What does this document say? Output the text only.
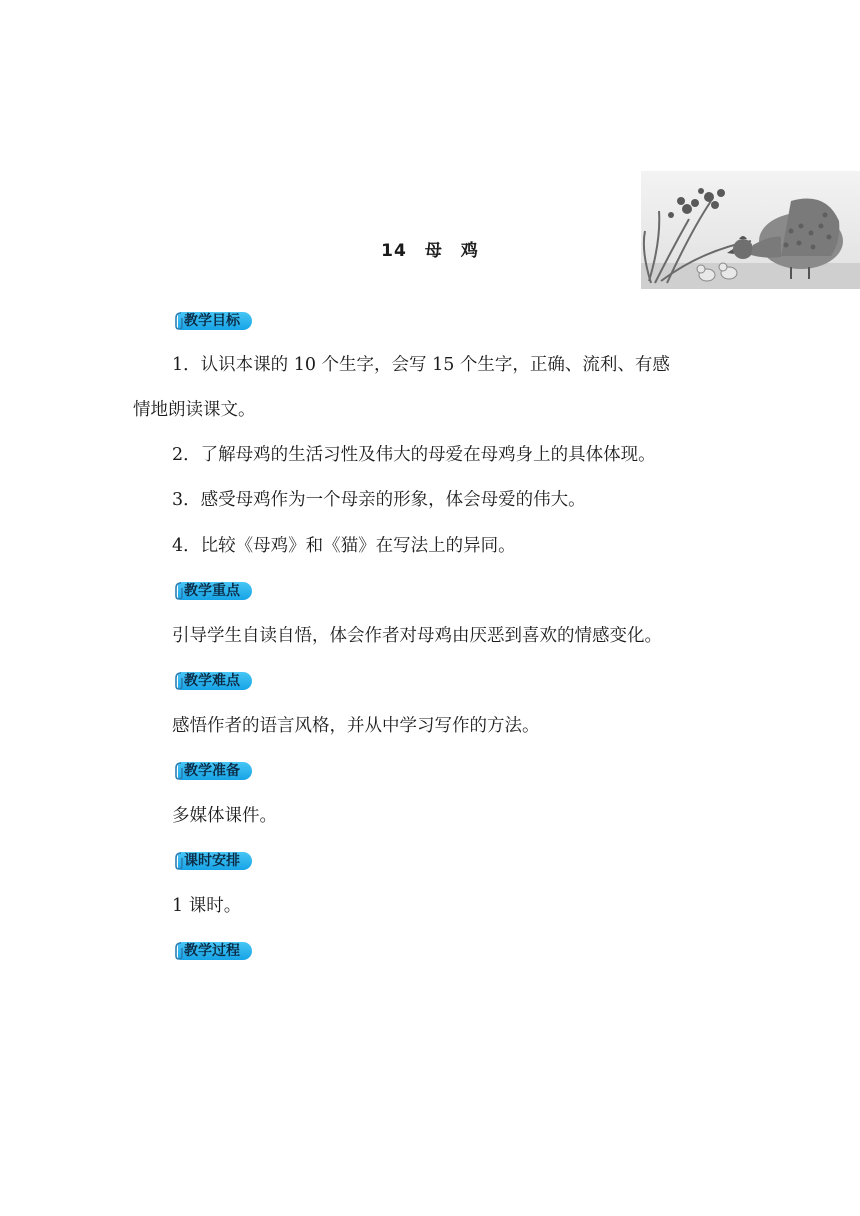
14　母　鸡
教学目标
1．认识本课的 10 个生字，会写 15 个生字，正确、流利、有感
情地朗读课文。
2．了解母鸡的生活习性及伟大的母爱在母鸡身上的具体体现。
3．感受母鸡作为一个母亲的形象，体会母爱的伟大。
4．比较《母鸡》和《猫》在写法上的异同。
教学重点
引导学生自读自悟，体会作者对母鸡由厌恶到喜欢的情感变化。
教学难点
感悟作者的语言风格，并从中学习写作的方法。
教学准备
多媒体课件。
课时安排
1 课时。
教学过程
